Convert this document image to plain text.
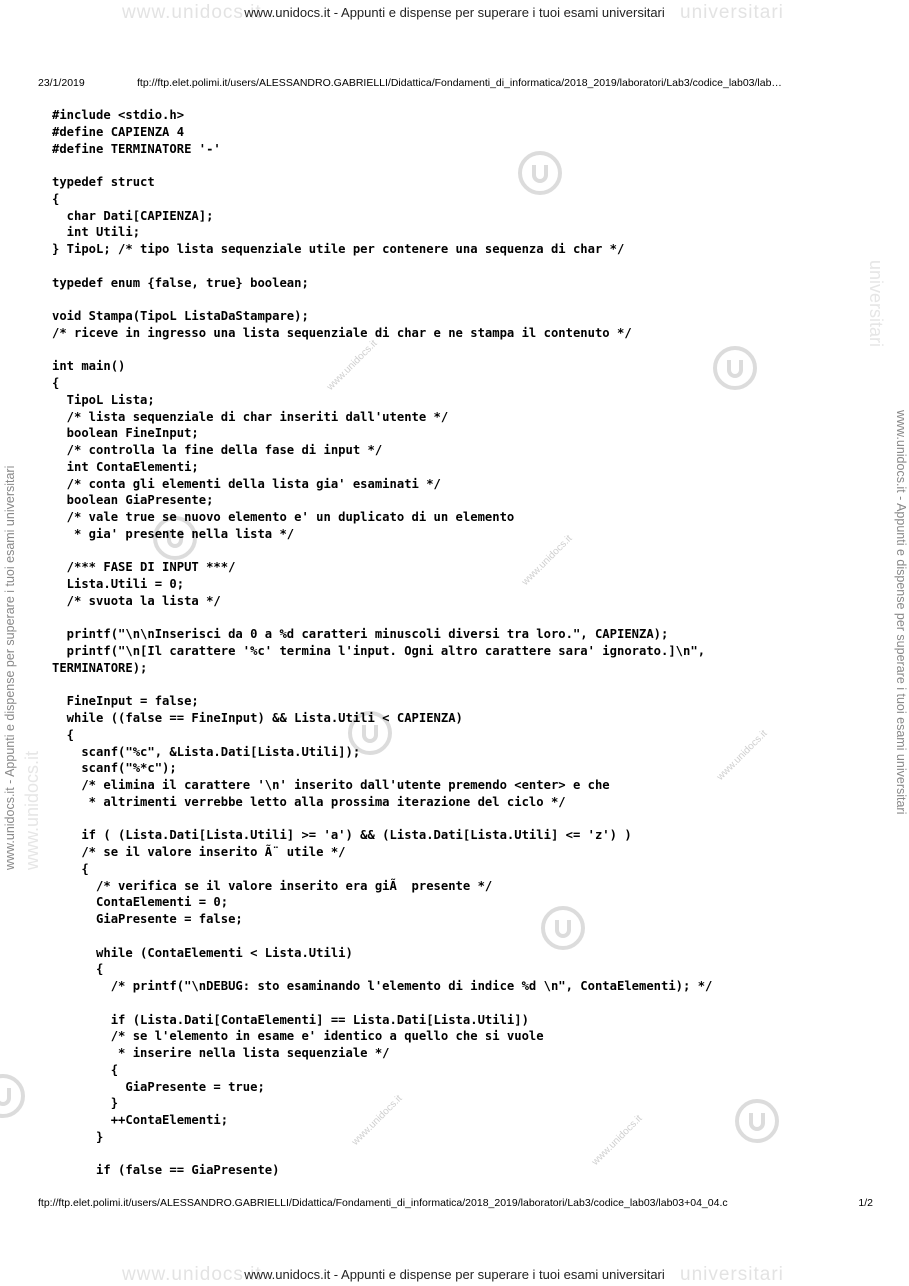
www.unidocs.it	universitari
www.unidocs.it	universitari
www.unidocs.it
www.unidocs.it
www.unidocs.it
www.unidocs.it	www.unidocs.it
www.unidocs.it - Appunti e dispense per superare i tuoi esami universitari
www.unidocs.it - Appunti e dispense per superare i tuoi esami universitari
www.unidocs.it
www.unidocs.it - Appunti e dispense per superare i tuoi esami universitari
universitari
www.unidocs.it - Appunti e dispense per superare i tuoi esami universitari
23/1/2019	ftp://ftp.elet.polimi.it/users/ALESSANDRO.GABRIELLI/Didattica/Fondamenti_di_informatica/2018_2019/laboratori/Lab3/codice_lab03/lab…
#include <stdio.h>
#define CAPIENZA 4
#define TERMINATORE '-'
typedef struct
{
char Dati[CAPIENZA];
int Utili;
} TipoL; /* tipo lista sequenziale utile per contenere una sequenza di char */
typedef enum {false, true} boolean;
void Stampa(TipoL ListaDaStampare);
/* riceve in ingresso una lista sequenziale di char e ne stampa il contenuto */
int main()
{
TipoL Lista;
/* lista sequenziale di char inseriti dall'utente */
boolean FineInput;
/* controlla la fine della fase di input */
int ContaElementi;
/* conta gli elementi della lista gia' esaminati */
boolean GiaPresente;
/* vale true se nuovo elemento e' un duplicato di un elemento
* gia' presente nella lista */
/*** FASE DI INPUT ***/
Lista.Utili = 0;
/* svuota la lista */
printf("\n\nInserisci da 0 a %d caratteri minuscoli diversi tra loro.", CAPIENZA);
printf("\n[Il carattere '%c' termina l'input. Ogni altro carattere sara' ignorato.]\n",
TERMINATORE);
FineInput = false;
while ((false == FineInput) && Lista.Utili < CAPIENZA)
{
scanf("%c", &Lista.Dati[Lista.Utili]);
scanf("%*c");
/* elimina il carattere '\n' inserito dall'utente premendo <enter> e che
* altrimenti verrebbe letto alla prossima iterazione del ciclo */
if ( (Lista.Dati[Lista.Utili] >= 'a') && (Lista.Dati[Lista.Utili] <= 'z') )
/* se il valore inserito Ã¨ utile */
{
/* verifica se il valore inserito era giÃ  presente */
ContaElementi = 0;
GiaPresente = false;
while (ContaElementi < Lista.Utili)
{
/* printf("\nDEBUG: sto esaminando l'elemento di indice %d \n", ContaElementi); */
if (Lista.Dati[ContaElementi] == Lista.Dati[Lista.Utili])
/* se l'elemento in esame e' identico a quello che si vuole
* inserire nella lista sequenziale */
{
GiaPresente = true;
}
++ContaElementi;
}
if (false == GiaPresente)
ftp://ftp.elet.polimi.it/users/ALESSANDRO.GABRIELLI/Didattica/Fondamenti_di_informatica/2018_2019/laboratori/Lab3/codice_lab03/lab03+04_04.c	1/2
